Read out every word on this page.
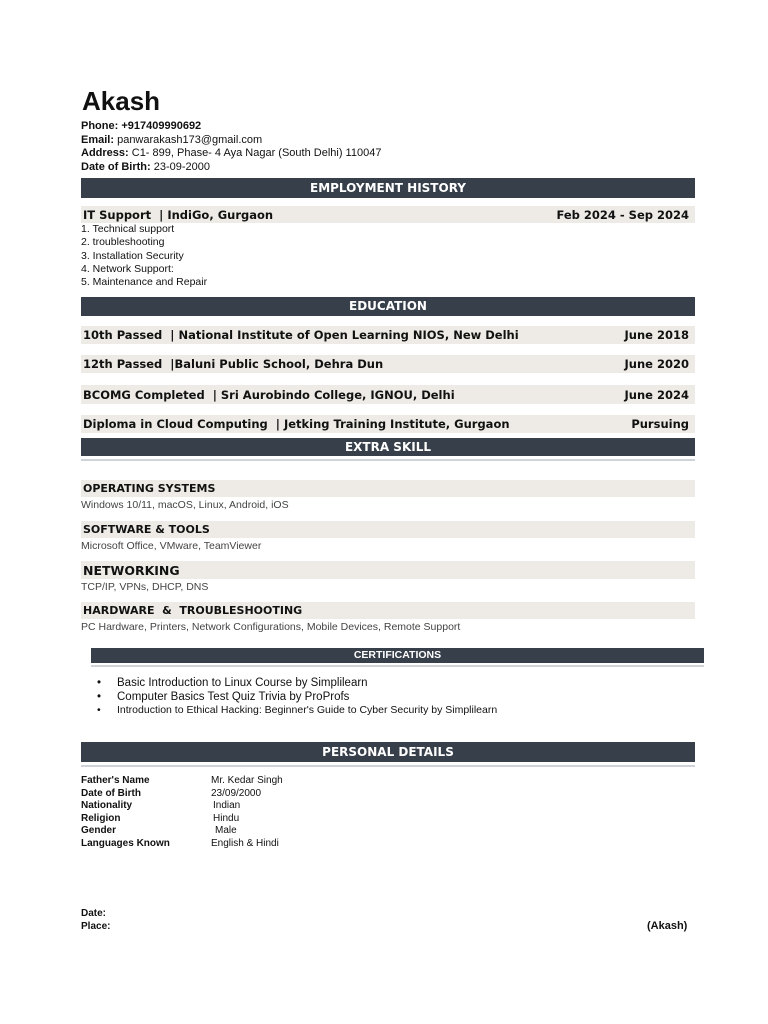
Akash
Phone: +917409990692
Email: panwarakash173@gmail.com
Address: C1- 899, Phase- 4 Aya Nagar (South Delhi) 110047
Date of Birth: 23-09-2000
EMPLOYMENT HISTORY
IT Support  | IndiGo, Gurgaon	Feb 2024 - Sep 2024
1. Technical support
2. troubleshooting
3. Installation Security
4. Network Support:
5. Maintenance and Repair
EDUCATION
10th Passed  | National Institute of Open Learning NIOS, New Delhi	June 2018
12th Passed  |Baluni Public School, Dehra Dun	June 2020
BCOMG Completed  | Sri Aurobindo College, IGNOU, Delhi	June 2024
Diploma in Cloud Computing  | Jetking Training Institute, Gurgaon	Pursuing
EXTRA SKILL
OPERATING SYSTEMS
Windows 10/11, macOS, Linux, Android, iOS
SOFTWARE & TOOLS
Microsoft Office, VMware, TeamViewer
NETWORKING
TCP/IP, VPNs, DHCP, DNS
HARDWARE  &  TROUBLESHOOTING
PC Hardware, Printers, Network Configurations, Mobile Devices, Remote Support
CERTIFICATIONS
• Basic Introduction to Linux Course by Simplilearn
• Computer Basics Test Quiz Trivia by ProProfs
• Introduction to Ethical Hacking: Beginner's Guide to Cyber Security by Simplilearn
PERSONAL DETAILS
Father's Name	Mr. Kedar Singh
Date of Birth	23/09/2000
Nationality	Indian
Religion	Hindu
Gender	Male
Languages Known	English & Hindi
Date:
Place:	(Akash)
